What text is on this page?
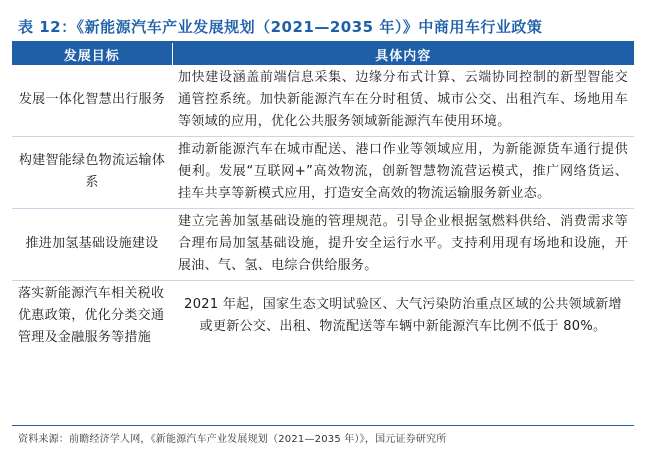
表 12：《新能源汽车产业发展规划（2021—2035 年）》中商用车行业政策
发展目标	具体内容
发展一体化智慧出行服务	加快建设涵盖前端信息采集、边缘分布式计算、云端协同控制的新型智能交通管控系统。加快新能源汽车在分时租赁、城市公交、出租汽车、场地用车等领域的应用，优化公共服务领域新能源汽车使用环境。
构建智能绿色物流运输体系	推动新能源汽车在城市配送、港口作业等领域应用，为新能源货车通行提供便利。发展“互联网+”高效物流，创新智慧物流营运模式，推广网络货运、挂车共享等新模式应用，打造安全高效的物流运输服务新业态。
推进加氢基础设施建设	建立完善加氢基础设施的管理规范。引导企业根据氢燃料供给、消费需求等合理布局加氢基础设施，提升安全运行水平。支持利用现有场地和设施，开展油、气、氢、电综合供给服务。
落实新能源汽车相关税收优惠政策，优化分类交通管理及金融服务等措施	2021 年起，国家生态文明试验区、大气污染防治重点区域的公共领域新增或更新公交、出租、物流配送等车辆中新能源汽车比例不低于 80%。
资料来源：前瞻经济学人网，《新能源汽车产业发展规划（2021—2035 年）》，国元证券研究所
